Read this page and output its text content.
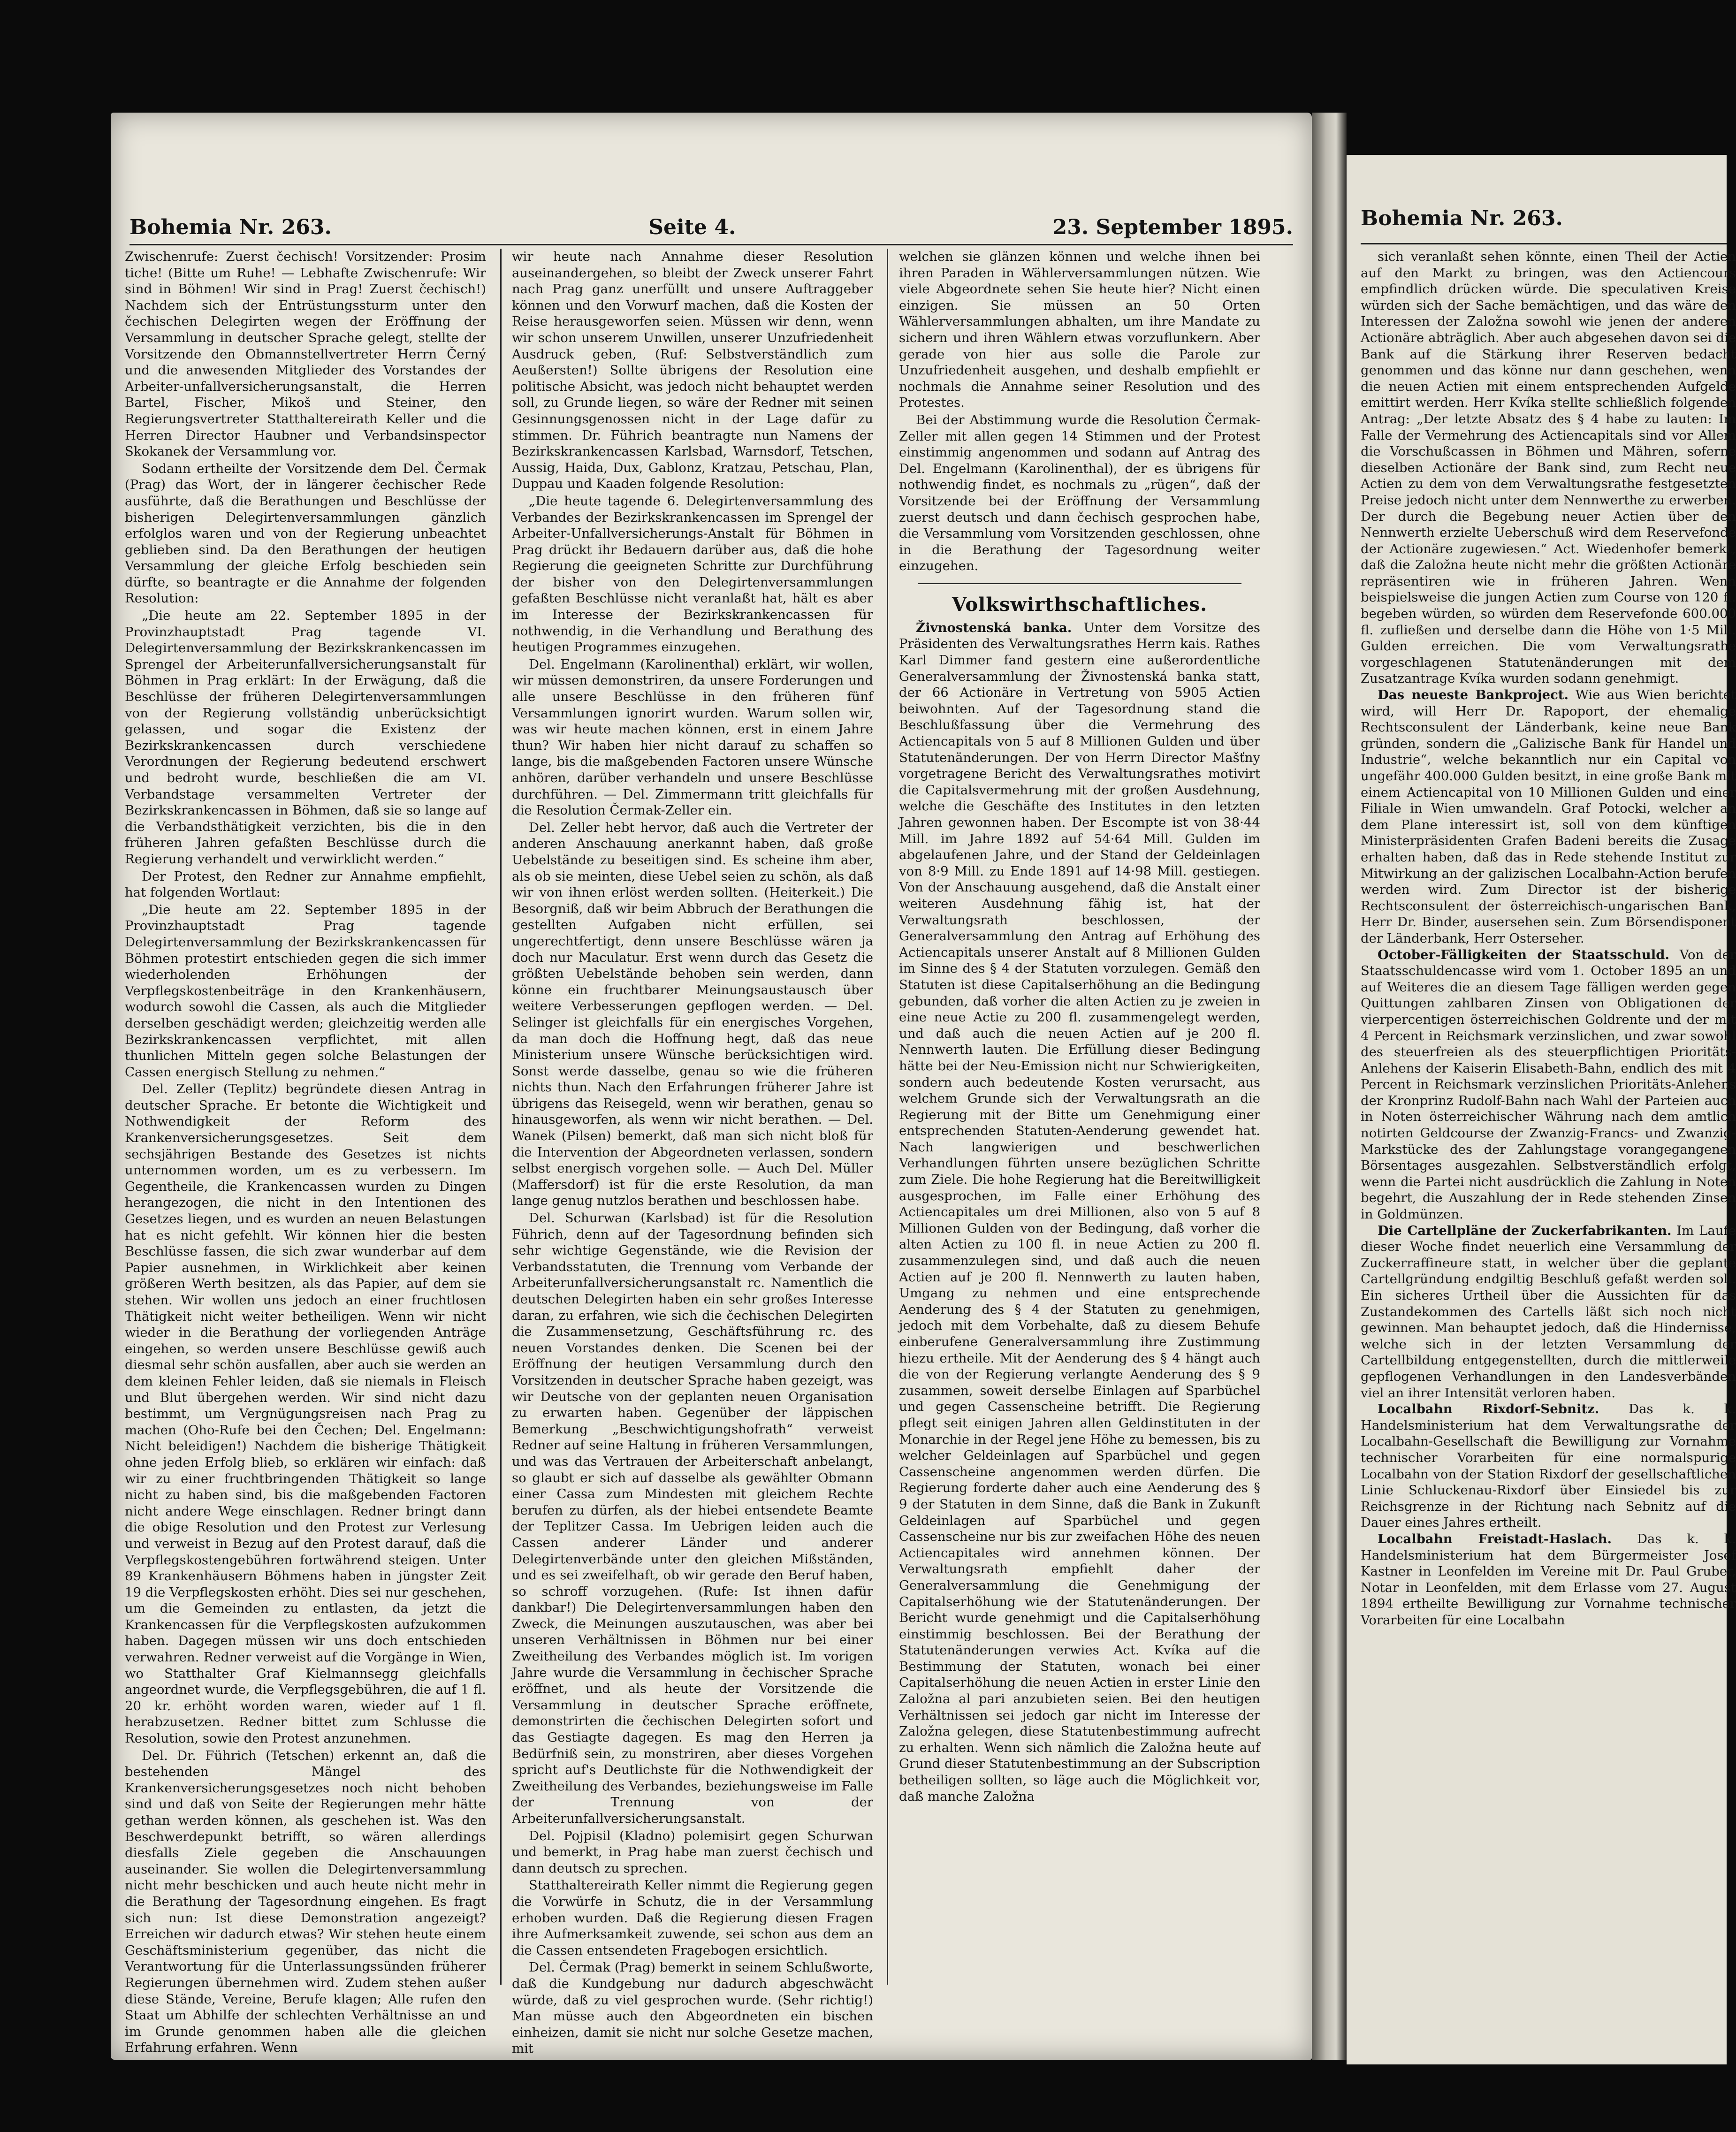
Bohemia Nr. 263.	Seite 4.	23. September 1895.

Zwischenrufe: Zuerst čechisch! Vorsitzender: Prosim tiche! (Bitte um Ruhe! — Lebhafte Zwischenrufe: Wir sind in Böhmen! Wir sind in Prag! Zuerst čechisch!) Nachdem sich der Entrüstungssturm unter den čechischen Delegirten wegen der Eröffnung der Versammlung in deutscher Sprache gelegt, stellte der Vorsitzende den Obmannstellvertreter Herrn Černý und die anwesenden Mitglieder des Vorstandes der Arbeiter-unfallversicherungsanstalt, die Herren Bartel, Fischer, Mikoš und Steiner, den Regierungsvertreter Statthaltereirath Keller und die Herren Director Haubner und Verbandsinspector Skokanek der Versammlung vor.

Sodann ertheilte der Vorsitzende dem Del. Čermak (Prag) das Wort, der in längerer čechischer Rede ausführte, daß die Berathungen und Beschlüsse der bisherigen Delegirtenversammlungen gänzlich erfolglos waren und von der Regierung unbeachtet geblieben sind. Da den Berathungen der heutigen Versammlung der gleiche Erfolg beschieden sein dürfte, so beantragte er die Annahme der folgenden Resolution:

„Die heute am 22. September 1895 in der Provinzhauptstadt Prag tagende VI. Delegirtenversammlung der Bezirkskrankencassen im Sprengel der Arbeiterunfallversicherungsanstalt für Böhmen in Prag erklärt: In der Erwägung, daß die Beschlüsse der früheren Delegirtenversammlungen von der Regierung vollständig unberücksichtigt gelassen, und sogar die Existenz der Bezirkskrankencassen durch verschiedene Verordnungen der Regierung bedeutend erschwert und bedroht wurde, beschließen die am VI. Verbandstage versammelten Vertreter der Bezirkskrankencassen in Böhmen, daß sie so lange auf die Verbandsthätigkeit verzichten, bis die in den früheren Jahren gefaßten Beschlüsse durch die Regierung verhandelt und verwirklicht werden.“

Der Protest, den Redner zur Annahme empfiehlt, hat folgenden Wortlaut:

„Die heute am 22. September 1895 in der Provinzhauptstadt Prag tagende Delegirtenversammlung der Bezirkskrankencassen für Böhmen protestirt entschieden gegen die sich immer wiederholenden Erhöhungen der Verpflegskostenbeiträge in den Krankenhäusern, wodurch sowohl die Cassen, als auch die Mitglieder derselben geschädigt werden; gleichzeitig werden alle Bezirkskrankencassen verpflichtet, mit allen thunlichen Mitteln gegen solche Belastungen der Cassen energisch Stellung zu nehmen.“

Del. Zeller (Teplitz) begründete diesen Antrag in deutscher Sprache. Er betonte die Wichtigkeit und Nothwendigkeit der Reform des Krankenversicherungsgesetzes. Seit dem sechsjährigen Bestande des Gesetzes ist nichts unternommen worden, um es zu verbessern. Im Gegentheile, die Krankencassen wurden zu Dingen herangezogen, die nicht in den Intentionen des Gesetzes liegen, und es wurden an neuen Belastungen hat es nicht gefehlt. Wir können hier die besten Beschlüsse fassen, die sich zwar wunderbar auf dem Papier ausnehmen, in Wirklichkeit aber keinen größeren Werth besitzen, als das Papier, auf dem sie stehen. Wir wollen uns jedoch an einer fruchtlosen Thätigkeit nicht weiter betheiligen. Wenn wir nicht wieder in die Berathung der vorliegenden Anträge eingehen, so werden unsere Beschlüsse gewiß auch diesmal sehr schön ausfallen, aber auch sie werden an dem kleinen Fehler leiden, daß sie niemals in Fleisch und Blut übergehen werden. Wir sind nicht dazu bestimmt, um Vergnügungsreisen nach Prag zu machen (Oho-Rufe bei den Čechen; Del. Engelmann: Nicht beleidigen!) Nachdem die bisherige Thätigkeit ohne jeden Erfolg blieb, so erklären wir einfach: daß wir zu einer fruchtbringenden Thätigkeit so lange nicht zu haben sind, bis die maßgebenden Factoren nicht andere Wege einschlagen. Redner bringt dann die obige Resolution und den Protest zur Verlesung und verweist in Bezug auf den Protest darauf, daß die Verpflegskostengebühren fortwährend steigen. Unter 89 Krankenhäusern Böhmens haben in jüngster Zeit 19 die Verpflegskosten erhöht. Dies sei nur geschehen, um die Gemeinden zu entlasten, da jetzt die Krankencassen für die Verpflegskosten aufzukommen haben. Dagegen müssen wir uns doch entschieden verwahren. Redner verweist auf die Vorgänge in Wien, wo Statthalter Graf Kielmannsegg gleichfalls angeordnet wurde, die Verpflegsgebühren, die auf 1 fl. 20 kr. erhöht worden waren, wieder auf 1 fl. herabzusetzen. Redner bittet zum Schlusse die Resolution, sowie den Protest anzunehmen.

Del. Dr. Führich (Tetschen) erkennt an, daß die bestehenden Mängel des Krankenversicherungsgesetzes noch nicht behoben sind und daß von Seite der Regierungen mehr hätte gethan werden können, als geschehen ist. Was den Beschwerdepunkt betrifft, so wären allerdings diesfalls Ziele gegeben die Anschauungen auseinander. Sie wollen die Delegirtenversammlung nicht mehr beschicken und auch heute nicht mehr in die Berathung der Tagesordnung eingehen. Es fragt sich nun: Ist diese Demonstration angezeigt? Erreichen wir dadurch etwas? Wir stehen heute einem Geschäftsministerium gegenüber, das nicht die Verantwortung für die Unterlassungssünden früherer Regierungen übernehmen wird. Zudem stehen außer diese Stände, Vereine, Berufe klagen; Alle rufen den Staat um Abhilfe der schlechten Verhältnisse an und im Grunde genommen haben alle die gleichen Erfahrung erfahren. Wenn

wir heute nach Annahme dieser Resolution auseinandergehen, so bleibt der Zweck unserer Fahrt nach Prag ganz unerfüllt und unsere Auftraggeber können und den Vorwurf machen, daß die Kosten der Reise herausgeworfen seien. Müssen wir denn, wenn wir schon unserem Unwillen, unserer Unzufriedenheit Ausdruck geben, (Ruf: Selbstverständlich zum Aeußersten!) Sollte übrigens der Resolution eine politische Absicht, was jedoch nicht behauptet werden soll, zu Grunde liegen, so wäre der Redner mit seinen Gesinnungsgenossen nicht in der Lage dafür zu stimmen. Dr. Führich beantragte nun Namens der Bezirkskrankencassen Karlsbad, Warnsdorf, Tetschen, Aussig, Haida, Dux, Gablonz, Kratzau, Petschau, Plan, Duppau und Kaaden folgende Resolution:

„Die heute tagende 6. Delegirtenversammlung des Verbandes der Bezirkskrankencassen im Sprengel der Arbeiter-Unfallversicherungs-Anstalt für Böhmen in Prag drückt ihr Bedauern darüber aus, daß die hohe Regierung die geeigneten Schritte zur Durchführung der bisher von den Delegirtenversammlungen gefaßten Beschlüsse nicht veranlaßt hat, hält es aber im Interesse der Bezirkskrankencassen für nothwendig, in die Verhandlung und Berathung des heutigen Programmes einzugehen.

Del. Engelmann (Karolinenthal) erklärt, wir wollen, wir müssen demonstriren, da unsere Forderungen und alle unsere Beschlüsse in den früheren fünf Versammlungen ignorirt wurden. Warum sollen wir, was wir heute machen können, erst in einem Jahre thun? Wir haben hier nicht darauf zu schaffen so lange, bis die maßgebenden Factoren unsere Wünsche anhören, darüber verhandeln und unsere Beschlüsse durchführen. — Del. Zimmermann tritt gleichfalls für die Resolution Čermak-Zeller ein.

Del. Zeller hebt hervor, daß auch die Vertreter der anderen Anschauung anerkannt haben, daß große Uebelstände zu beseitigen sind. Es scheine ihm aber, als ob sie meinten, diese Uebel seien zu schön, als daß wir von ihnen erlöst werden sollten. (Heiterkeit.) Die Besorgniß, daß wir beim Abbruch der Berathungen die gestellten Aufgaben nicht erfüllen, sei ungerechtfertigt, denn unsere Beschlüsse wären ja doch nur Maculatur. Erst wenn durch das Gesetz die größten Uebelstände behoben sein werden, dann könne ein fruchtbarer Meinungsaustausch über weitere Verbesserungen gepflogen werden. — Del. Selinger ist gleichfalls für ein energisches Vorgehen, da man doch die Hoffnung hegt, daß das neue Ministerium unsere Wünsche berücksichtigen wird. Sonst werde dasselbe, genau so wie die früheren nichts thun. Nach den Erfahrungen früherer Jahre ist übrigens das Reisegeld, wenn wir berathen, genau so hinausgeworfen, als wenn wir nicht berathen. — Del. Wanek (Pilsen) bemerkt, daß man sich nicht bloß für die Intervention der Abgeordneten verlassen, sondern selbst energisch vorgehen solle. — Auch Del. Müller (Maffersdorf) ist für die erste Resolution, da man lange genug nutzlos berathen und beschlossen habe.

Del. Schurwan (Karlsbad) ist für die Resolution Führich, denn auf der Tagesordnung befinden sich sehr wichtige Gegenstände, wie die Revision der Verbandsstatuten, die Trennung vom Verbande der Arbeiterunfallversicherungsanstalt rc. Namentlich die deutschen Delegirten haben ein sehr großes Interesse daran, zu erfahren, wie sich die čechischen Delegirten die Zusammensetzung, Geschäftsführung rc. des neuen Vorstandes denken. Die Scenen bei der Eröffnung der heutigen Versammlung durch den Vorsitzenden in deutscher Sprache haben gezeigt, was wir Deutsche von der geplanten neuen Organisation zu erwarten haben. Gegenüber der läppischen Bemerkung „Beschwichtigungshofrath“ verweist Redner auf seine Haltung in früheren Versammlungen, und was das Vertrauen der Arbeiterschaft anbelangt, so glaubt er sich auf dasselbe als gewählter Obmann einer Cassa zum Mindesten mit gleichem Rechte berufen zu dürfen, als der hiebei entsendete Beamte der Teplitzer Cassa. Im Uebrigen leiden auch die Cassen anderer Länder und anderer Delegirtenverbände unter den gleichen Mißständen, und es sei zweifelhaft, ob wir gerade den Beruf haben, so schroff vorzugehen. (Rufe: Ist ihnen dafür dankbar!) Die Delegirtenversammlungen haben den Zweck, die Meinungen auszutauschen, was aber bei unseren Verhältnissen in Böhmen nur bei einer Zweitheilung des Verbandes möglich ist. Im vorigen Jahre wurde die Versammlung in čechischer Sprache eröffnet, und als heute der Vorsitzende die Versammlung in deutscher Sprache eröffnete, demonstrirten die čechischen Delegirten sofort und das Gestiagte dagegen. Es mag den Herren ja Bedürfniß sein, zu monstriren, aber dieses Vorgehen spricht auf's Deutlichste für die Nothwendigkeit der Zweitheilung des Verbandes, beziehungsweise im Falle der Trennung von der Arbeiterunfallversicherungsanstalt.

Del. Pojpisil (Kladno) polemisirt gegen Schurwan und bemerkt, in Prag habe man zuerst čechisch und dann deutsch zu sprechen.

Statthaltereirath Keller nimmt die Regierung gegen die Vorwürfe in Schutz, die in der Versammlung erhoben wurden. Daß die Regierung diesen Fragen ihre Aufmerksamkeit zuwende, sei schon aus dem an die Cassen entsendeten Fragebogen ersichtlich.

Del. Čermak (Prag) bemerkt in seinem Schlußworte, daß die Kundgebung nur dadurch abgeschwächt würde, daß zu viel gesprochen wurde. (Sehr richtig!) Man müsse auch den Abgeordneten ein bischen einheizen, damit sie nicht nur solche Gesetze machen, mit

welchen sie glänzen können und welche ihnen bei ihren Paraden in Wählerversammlungen nützen. Wie viele Abgeordnete sehen Sie heute hier? Nicht einen einzigen. Sie müssen an 50 Orten Wählerversammlungen abhalten, um ihre Mandate zu sichern und ihren Wählern etwas vorzuflunkern. Aber gerade von hier aus solle die Parole zur Unzufriedenheit ausgehen, und deshalb empfiehlt er nochmals die Annahme seiner Resolution und des Protestes.

Bei der Abstimmung wurde die Resolution Čermak-Zeller mit allen gegen 14 Stimmen und der Protest einstimmig angenommen und sodann auf Antrag des Del. Engelmann (Karolinenthal), der es übrigens für nothwendig findet, es nochmals zu „rügen“, daß der Vorsitzende bei der Eröffnung der Versammlung zuerst deutsch und dann čechisch gesprochen habe, die Versammlung vom Vorsitzenden geschlossen, ohne in die Berathung der Tagesordnung weiter einzugehen.

Volkswirthschaftliches.

Živnostenská banka. Unter dem Vorsitze des Präsidenten des Verwaltungsrathes Herrn kais. Rathes Karl Dimmer fand gestern eine außerordentliche Generalversammlung der Živnostenská banka statt, der 66 Actionäre in Vertretung von 5905 Actien beiwohnten. Auf der Tagesordnung stand die Beschlußfassung über die Vermehrung des Actiencapitals von 5 auf 8 Millionen Gulden und über Statutenänderungen. Der von Herrn Director Mašťny vorgetragene Bericht des Verwaltungsrathes motivirt die Capitalsvermehrung mit der großen Ausdehnung, welche die Geschäfte des Institutes in den letzten Jahren gewonnen haben. Der Escompte ist von 38·44 Mill. im Jahre 1892 auf 54·64 Mill. Gulden im abgelaufenen Jahre, und der Stand der Geldeinlagen von 8·9 Mill. zu Ende 1891 auf 14·98 Mill. gestiegen. Von der Anschauung ausgehend, daß die Anstalt einer weiteren Ausdehnung fähig ist, hat der Verwaltungsrath beschlossen, der Generalversammlung den Antrag auf Erhöhung des Actiencapitals unserer Anstalt auf 8 Millionen Gulden im Sinne des § 4 der Statuten vorzulegen. Gemäß den Statuten ist diese Capitalserhöhung an die Bedingung gebunden, daß vorher die alten Actien zu je zweien in eine neue Actie zu 200 fl. zusammengelegt werden, und daß auch die neuen Actien auf je 200 fl. Nennwerth lauten. Die Erfüllung dieser Bedingung hätte bei der Neu-Emission nicht nur Schwierigkeiten, sondern auch bedeutende Kosten verursacht, aus welchem Grunde sich der Verwaltungsrath an die Regierung mit der Bitte um Genehmigung einer entsprechenden Statuten-Aenderung gewendet hat. Nach langwierigen und beschwerlichen Verhandlungen führten unsere bezüglichen Schritte zum Ziele. Die hohe Regierung hat die Bereitwilligkeit ausgesprochen, im Falle einer Erhöhung des Actiencapitales um drei Millionen, also von 5 auf 8 Millionen Gulden von der Bedingung, daß vorher die alten Actien zu 100 fl. in neue Actien zu 200 fl. zusammenzulegen sind, und daß auch die neuen Actien auf je 200 fl. Nennwerth zu lauten haben, Umgang zu nehmen und eine entsprechende Aenderung des § 4 der Statuten zu genehmigen, jedoch mit dem Vorbehalte, daß zu diesem Behufe einberufene Generalversammlung ihre Zustimmung hiezu ertheile. Mit der Aenderung des § 4 hängt auch die von der Regierung verlangte Aenderung des § 9 zusammen, soweit derselbe Einlagen auf Sparbüchel und gegen Cassenscheine betrifft. Die Regierung pflegt seit einigen Jahren allen Geldinstituten in der Monarchie in der Regel jene Höhe zu bemessen, bis zu welcher Geldeinlagen auf Sparbüchel und gegen Cassenscheine angenommen werden dürfen. Die Regierung forderte daher auch eine Aenderung des § 9 der Statuten in dem Sinne, daß die Bank in Zukunft Geldeinlagen auf Sparbüchel und gegen Cassenscheine nur bis zur zweifachen Höhe des neuen Actiencapitales wird annehmen können. Der Verwaltungsrath empfiehlt daher der Generalversammlung die Genehmigung der Capitalserhöhung wie der Statutenänderungen. Der Bericht wurde genehmigt und die Capitalserhöhung einstimmig beschlossen. Bei der Berathung der Statutenänderungen verwies Act. Kvíka auf die Bestimmung der Statuten, wonach bei einer Capitalserhöhung die neuen Actien in erster Linie den Založna al pari anzubieten seien. Bei den heutigen Verhältnissen sei jedoch gar nicht im Interesse der Založna gelegen, diese Statutenbestimmung aufrecht zu erhalten. Wenn sich nämlich die Založna heute auf Grund dieser Statutenbestimmung an der Subscription betheiligen sollten, so läge auch die Möglichkeit vor, daß manche Založna

Bohemia Nr. 263.

sich veranlaßt sehen könnte, einen Theil der Actien auf den Markt zu bringen, was den Actiencours empfindlich drücken würde. Die speculativen Kreise würden sich der Sache bemächtigen, und das wäre den Interessen der Založna sowohl wie jenen der anderen Actionäre abträglich. Aber auch abgesehen davon sei die Bank auf die Stärkung ihrer Reserven bedacht genommen und das könne nur dann geschehen, wenn die neuen Actien mit einem entsprechenden Aufgelde emittirt werden. Herr Kvíka stellte schließlich folgenden Antrag: „Der letzte Absatz des § 4 habe zu lauten: Im Falle der Vermehrung des Actiencapitals sind vor Allem die Vorschußcassen in Böhmen und Mähren, soferne dieselben Actionäre der Bank sind, zum Recht neue Actien zu dem von dem Verwaltungsrathe festgesetzten Preise jedoch nicht unter dem Nennwerthe zu erwerben. Der durch die Begebung neuer Actien über den Nennwerth erzielte Ueberschuß wird dem Reservefonde der Actionäre zugewiesen.“ Act. Wiedenhofer bemerkt, daß die Založna heute nicht mehr die größten Actionäre repräsentiren wie in früheren Jahren. Wenn beispielsweise die jungen Actien zum Course von 120 fl. begeben würden, so würden dem Reservefonde 600.000 fl. zufließen und derselbe dann die Höhe von 1·5 Mill. Gulden erreichen. Die vom Verwaltungsrathe vorgeschlagenen Statutenänderungen mit dem Zusatzantrage Kvíka wurden sodann genehmigt.

Das neueste Bankproject. Wie aus Wien berichtet wird, will Herr Dr. Rapoport, der ehemalige Rechtsconsulent der Länderbank, keine neue Bank gründen, sondern die „Galizische Bank für Handel und Industrie“, welche bekanntlich nur ein Capital von ungefähr 400.000 Gulden besitzt, in eine große Bank mit einem Actiencapital von 10 Millionen Gulden und einer Filiale in Wien umwandeln. Graf Potocki, welcher an dem Plane interessirt ist, soll von dem künftigen Ministerpräsidenten Grafen Badeni bereits die Zusage erhalten haben, daß das in Rede stehende Institut zur Mitwirkung an der galizischen Localbahn-Action berufen werden wird. Zum Director ist der bisherige Rechtsconsulent der österreichisch-ungarischen Bank, Herr Dr. Binder, ausersehen sein. Zum Börsendisponent der Länderbank, Herr Osterseher.

October-Fälligkeiten der Staatsschuld. Von der Staatsschuldencasse wird vom 1. October 1895 an und auf Weiteres die an diesem Tage fälligen werden gegen Quittungen zahlbaren Zinsen von Obligationen der vierpercentigen österreichischen Goldrente und der mit 4 Percent in Reichsmark verzinslichen, und zwar sowohl des steuerfreien als des steuerpflichtigen Prioritäts-Anlehens der Kaiserin Elisabeth-Bahn, endlich des mit 4 Percent in Reichsmark verzinslichen Prioritäts-Anlehens der Kronprinz Rudolf-Bahn nach Wahl der Parteien auch in Noten österreichischer Währung nach dem amtlich notirten Geldcourse der Zwanzig-Francs- und Zwanzig-Markstücke des der Zahlungstage vorangegangenen Börsentages ausgezahlen. Selbstverständlich erfolgt, wenn die Partei nicht ausdrücklich die Zahlung in Noten begehrt, die Auszahlung der in Rede stehenden Zinsen in Goldmünzen.

Die Cartellpläne der Zuckerfabrikanten. Im Laufe dieser Woche findet neuerlich eine Versammlung der Zuckerraffineure statt, in welcher über die geplante Cartellgründung endgiltig Beschluß gefaßt werden soll. Ein sicheres Urtheil über die Aussichten für das Zustandekommen des Cartells läßt sich noch nicht gewinnen. Man behauptet jedoch, daß die Hindernisse, welche sich in der letzten Versammlung der Cartellbildung entgegenstellten, durch die mittlerweile gepflogenen Verhandlungen in den Landesverbänden viel an ihrer Intensität verloren haben.

Localbahn Rixdorf-Sebnitz. Das k. k. Handelsministerium hat dem Verwaltungsrathe der Localbahn-Gesellschaft die Bewilligung zur Vornahme technischer Vorarbeiten für eine normalspurige Localbahn von der Station Rixdorf der gesellschaftlichen Linie Schluckenau-Rixdorf über Einsiedel bis zur Reichsgrenze in der Richtung nach Sebnitz auf die Dauer eines Jahres ertheilt.

Localbahn Freistadt-Haslach. Das k. k. Handelsministerium hat dem Bürgermeister Josef Kastner in Leonfelden im Vereine mit Dr. Paul Gruber, Notar in Leonfelden, mit dem Erlasse vom 27. August 1894 ertheilte Bewilligung zur Vornahme technischer Vorarbeiten für eine Localbahn
